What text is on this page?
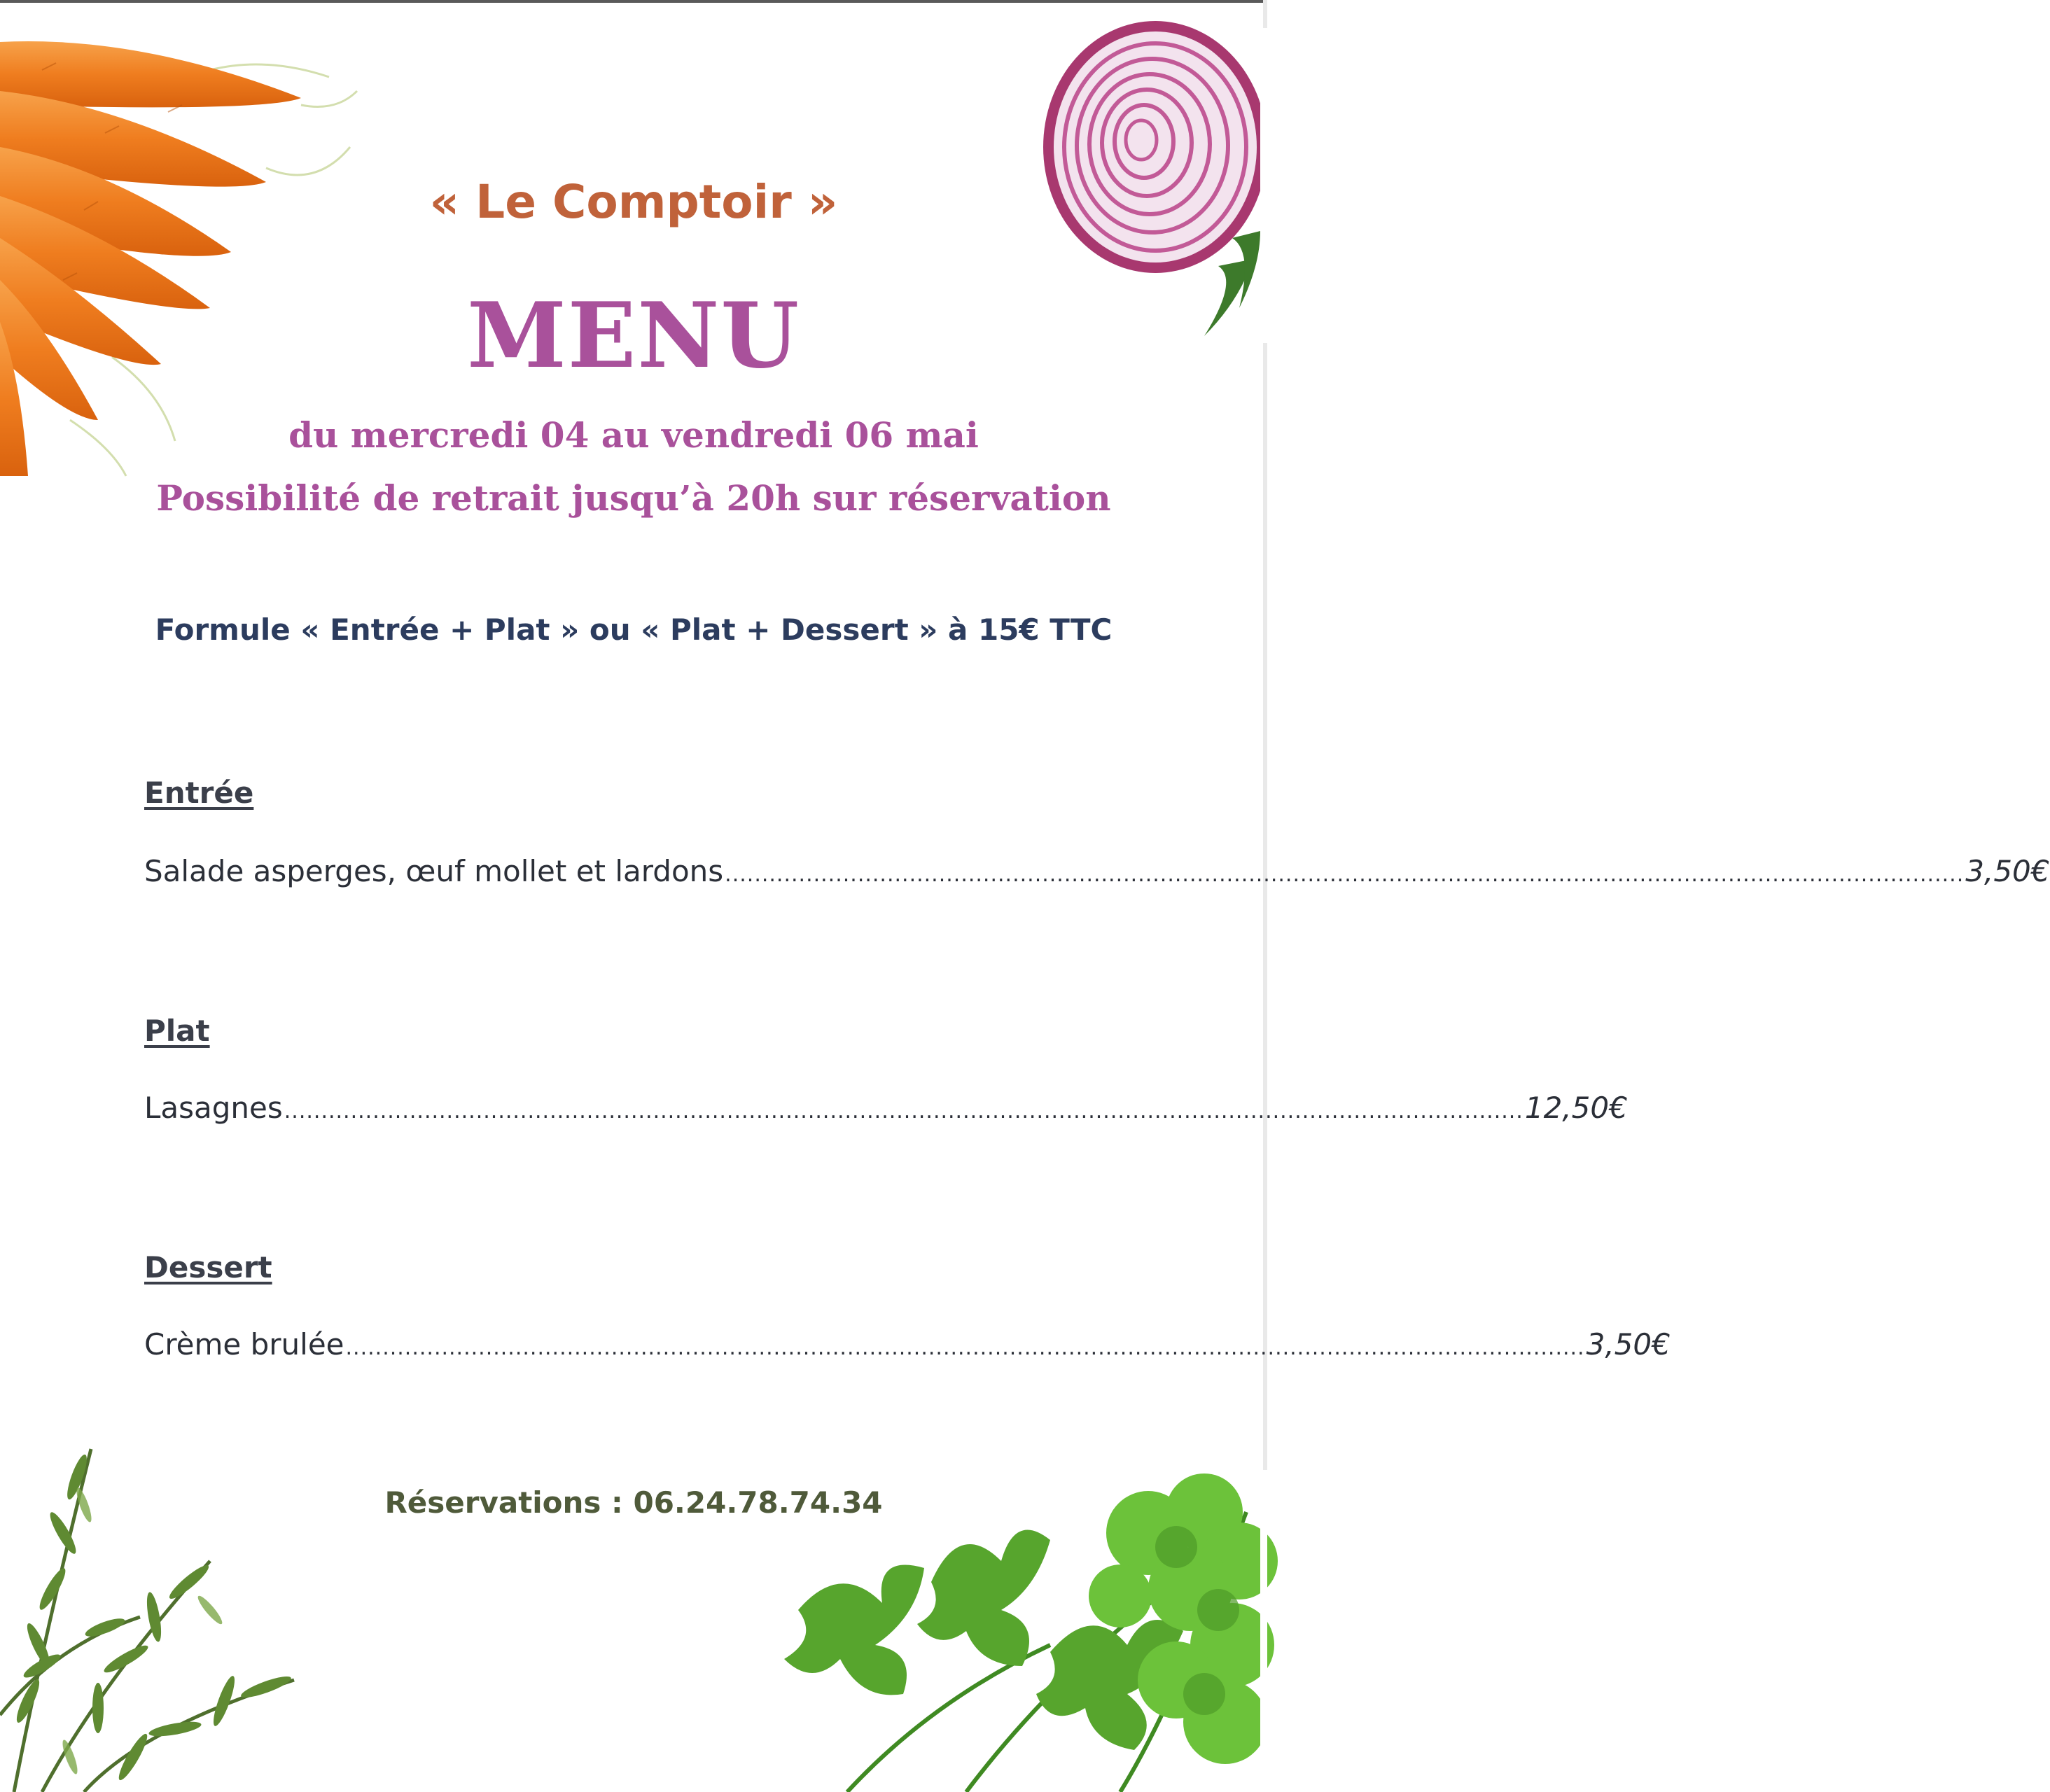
« Le Comptoir »
MENU
du mercredi 04 au vendredi 06 mai
Possibilité de retrait jusqu’à 20h sur réservation
Formule « Entrée + Plat » ou « Plat + Dessert » à 15€ TTC
Entrée
Salade asperges, œuf mollet et lardons ........................................................................................................................................................................ 3,50€
Plat
Lasagnes ........................................................................................................................................................................ 12,50€
Dessert
Crème brulée ........................................................................................................................................................................ 3,50€
Réservations : 06.24.78.74.34
